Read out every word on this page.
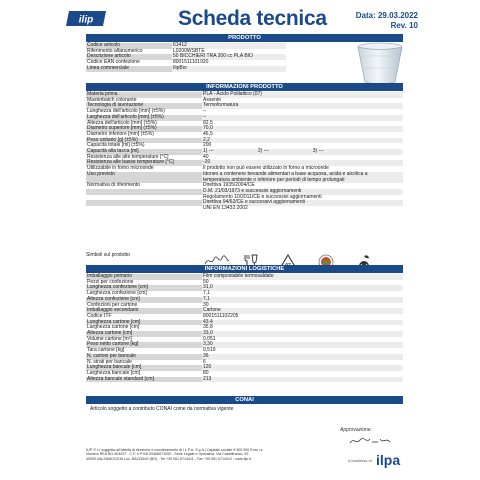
ilip	Scheda tecnica	Data: 29.03.2022
Rev. 10
PRODOTTO
Codice articolo	61412
Riferimento alfanumerico	L0200WSBTE
Descrizione articolo	50 BICCHIERI TRA 200 cc PLA BIO
Codice EAN confezione	8001511101920
Linea commerciale	IlipBio
INFORMAZIONI PRODOTTO
Materia prima	PLA - Acido Polilattico (07)
Masterbatch colorante	Assente
Tecnologia di lavorazione	Termoformatura
Lunghezza dell'articolo [mm] (±5%)	--
Larghezza dell'articolo [mm] (±5%)	--
Altezza dell'articolo [mm] (±5%)	82,5
Diametro superiore [mm] (±5%)	70,0
Diametro inferiore [mm] (±5%)	46,5
Peso unitario [g] (±5%)	2,2
Capacità totale [ml] (±5%)	200
Capacità alla tacca [ml]	1) --- 2) --- 3) ---
Resistenza alle alte temperature [°C]	40
Resistenza alle basse temperature [°C]	-20
Utilizzabile in forno microonde	Il prodotto non può essere utilizzato in forno a microonde
Uso previsto	Idoneo a contenere bevande alimentari a base acquosa, acida e alcolica a
temperatura ambiente o inferiore per periodi di tempo prolungati

Normativa di riferimento	Direttiva 1935/2004/CE
	D.M. 21/03/1973 e successivi aggiornamenti
	Regolamento 10/2011/CE e successivi aggiornamenti
	Direttiva 94/62/CE e successivi aggiornamenti
	UNI EN 13432:2002
Simboli sul prodotto
INFORMAZIONI LOGISTICHE
Imballaggio primario	Film compostabile termosaldato
Pezzi per confezione	50
Lunghezza confezione [cm]	31,0
Larghezza confezione [cm]	7,1
Altezza confezione [cm]	7,1
Confezioni per cartone	30
Imballaggio secondario	Cartone
Codice ITF	8001511102205
Lunghezza cartone [cm]	43,4
Larghezza cartone [cm]	35,8
Altezza cartone [cm]	33,0
Volume cartone [m³]	0,051
Peso netto cartone [kg]	3,30
Tara cartone [kg]	0,519
N. cartoni per bancale	36
N. strati per bancale	6
Lunghezza bancale [cm]	120
Larghezza bancale [cm]	80
Altezza bancale standard [cm]	213
CONAI
Articolo soggetto a contributo CONAI come da normativa vigente
Approvazione:
A business of ilpa
ILIP S.r.l. soggetta all'attività di direzione e coordinamento di I.L.P.A. S.p.A.| Capitale sociale € 500.000 Euro i.v.
Numero REA BO-504027 - C.F. e P.IVA 00468071000 - Sede Legale e Operativa: Via Castelfranco, 92
40053 VALSAMOGGIA Loc. BAZZANO (BO) - Tel +39 051 6714411 - Fax +39 051 6714412 - www.ilip.it
